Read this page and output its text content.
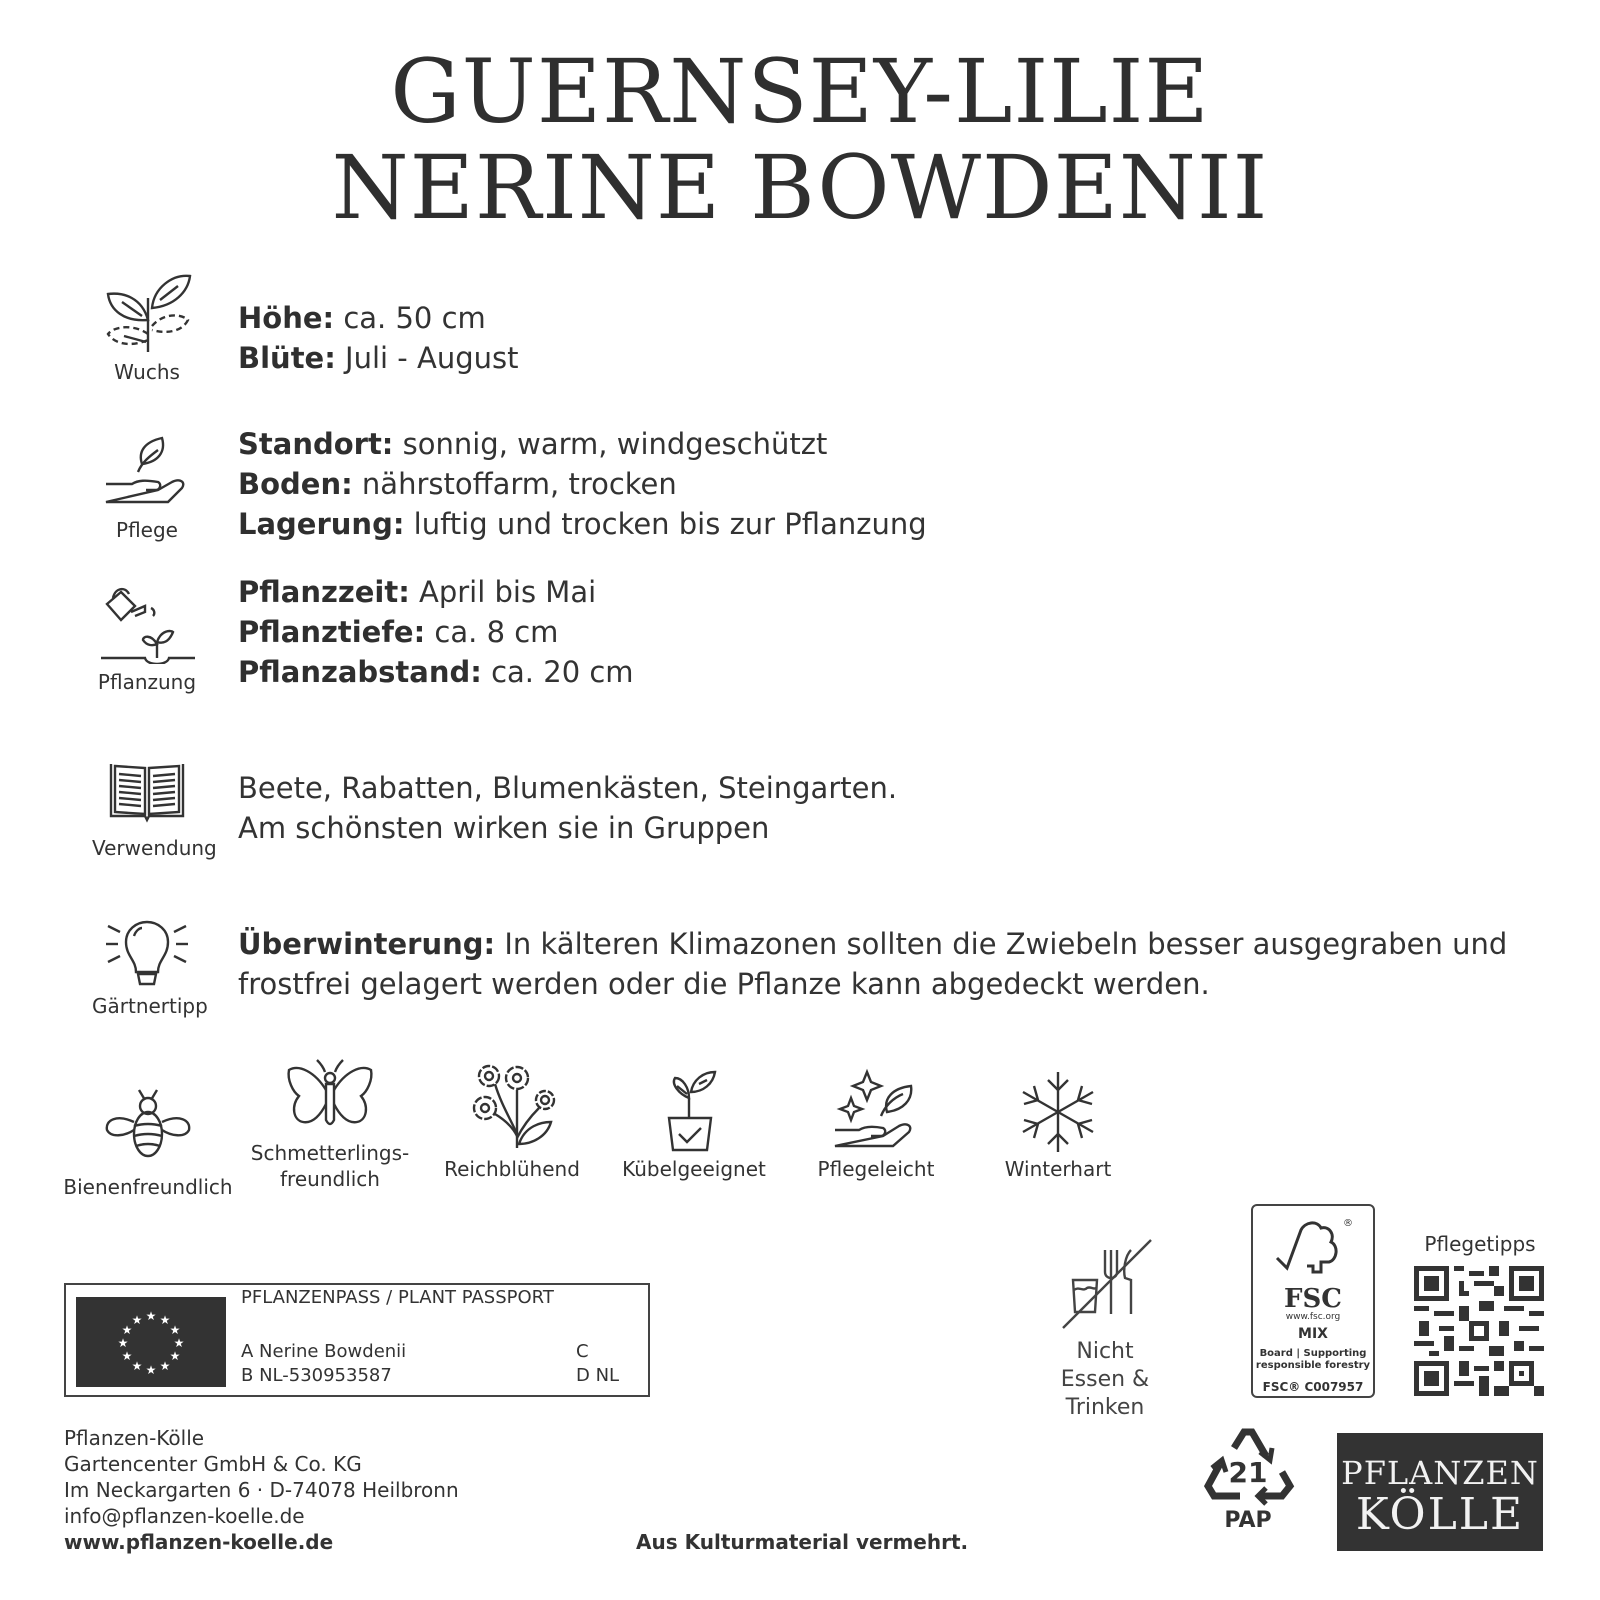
GUERNSEY-LILIE
NERINE BOWDENII
Wuchs
Höhe: ca. 50 cm
Blüte: Juli - August
Pflege
Standort: sonnig, warm, windgeschützt
Boden: nährstoffarm, trocken
Lagerung: luftig und trocken bis zur Pflanzung
Pflanzung
Pflanzzeit: April bis Mai
Pflanztiefe: ca. 8 cm
Pflanzabstand: ca. 20 cm
Verwendung
Beete, Rabatten, Blumenkästen, Steingarten.
Am schönsten wirken sie in Gruppen
Gärtnertipp
Überwinterung: In kälteren Klimazonen sollten die Zwiebeln besser ausgegraben und
frostfrei gelagert werden oder die Pflanze kann abgedeckt werden.
Bienenfreundlich
Schmetterlings-
freundlich	Reichblühend	Kübelgeeignet	Pflegeleicht	Winterhart
★ ★
★
★
★
★
★
★
★
★
★
★
PFLANZENPASS / PLANT PASSPORT
A Nerine Bowdenii
B NL-530953587
C
D NL
Nicht
Essen & Trinken
®
FSC
www.fsc.org
MIX
Board | Supporting
responsible forestry
FSC® C007957
Pflegetipps
21
PAP
PFLANZEN
KÖLLE
Pflanzen-Kölle
Gartencenter GmbH & Co. KG
Im Neckargarten 6 · D-74078 Heilbronn
info@pflanzen-koelle.de
www.pflanzen-koelle.de	Aus Kulturmaterial vermehrt.
